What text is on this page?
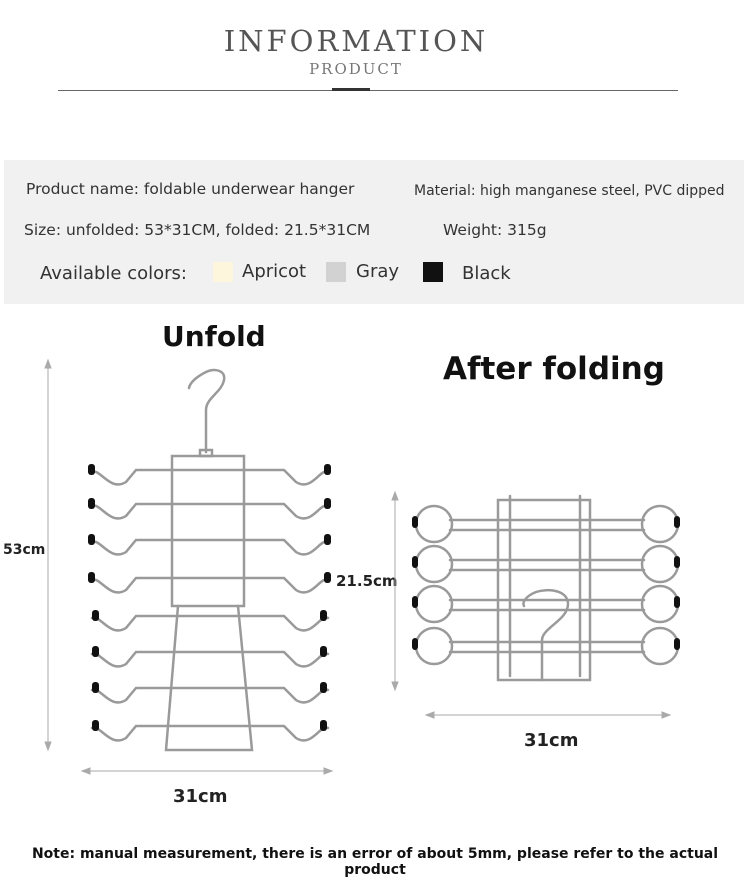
INFORMATION
PRODUCT
Product name: foldable underwear hanger	Material: high manganese steel, PVC dipped
Size: unfolded: 53*31CM, folded: 21.5*31CM	Weight: 315g
Available colors:	Apricot	Gray	Black
Unfold
After folding
53cm
31cm
21.5cm
31cm
Note: manual measurement, there is an error of about 5mm, please refer to the actual product
